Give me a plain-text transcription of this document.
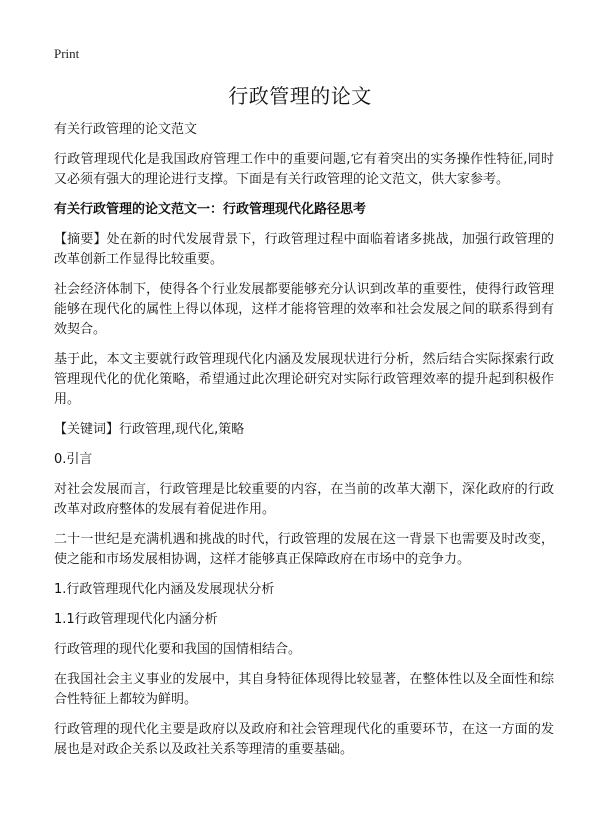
Print
行政管理的论文

有关行政管理的论文范文

行政管理现代化是我国政府管理工作中的重要问题,它有着突出的实务操作性特征,同时又必须有强大的理论进行支撑。下面是有关行政管理的论文范文，供大家参考。

有关行政管理的论文范文一：行政管理现代化路径思考

【摘要】处在新的时代发展背景下，行政管理过程中面临着诸多挑战，加强行政管理的改革创新工作显得比较重要。

社会经济体制下，使得各个行业发展都要能够充分认识到改革的重要性，使得行政管理能够在现代化的属性上得以体现，这样才能将管理的效率和社会发展之间的联系得到有效契合。

基于此，本文主要就行政管理现代化内涵及发展现状进行分析，然后结合实际探索行政管理现代化的优化策略，希望通过此次理论研究对实际行政管理效率的提升起到积极作用。

【关键词】行政管理,现代化,策略

0.引言

对社会发展而言，行政管理是比较重要的内容，在当前的改革大潮下，深化政府的行政改革对政府整体的发展有着促进作用。

二十一世纪是充满机遇和挑战的时代，行政管理的发展在这一背景下也需要及时改变，使之能和市场发展相协调，这样才能够真正保障政府在市场中的竞争力。

1.行政管理现代化内涵及发展现状分析

1.1行政管理现代化内涵分析

行政管理的现代化要和我国的国情相结合。

在我国社会主义事业的发展中，其自身特征体现得比较显著，在整体性以及全面性和综合性特征上都较为鲜明。

行政管理的现代化主要是政府以及政府和社会管理现代化的重要环节，在这一方面的发展也是对政企关系以及政社关系等理清的重要基础。
